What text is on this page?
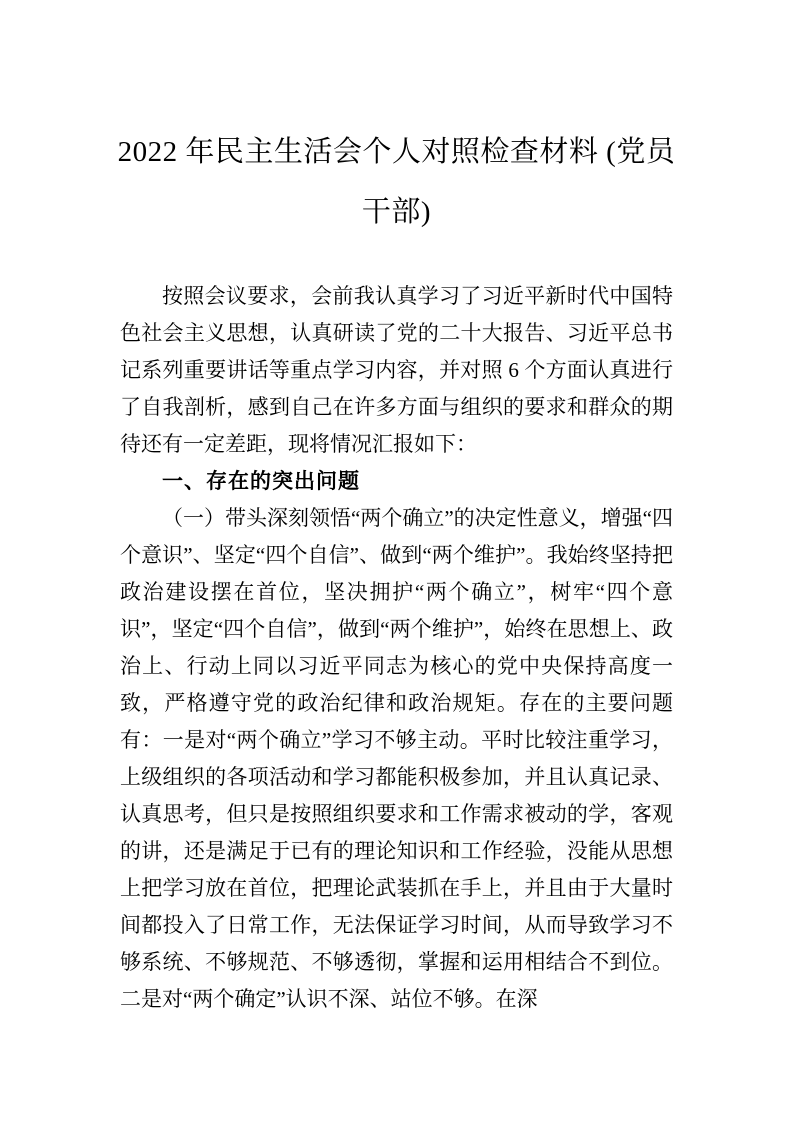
2022 年民主生活会个人对照检查材料 (党员干部)

按照会议要求，会前我认真学习了习近平新时代中国特色社会主义思想，认真研读了党的二十大报告、习近平总书记系列重要讲话等重点学习内容，并对照 6 个方面认真进行了自我剖析，感到自己在许多方面与组织的要求和群众的期待还有一定差距，现将情况汇报如下：

一、存在的突出问题

（一）带头深刻领悟“两个确立”的决定性意义，增强“四个意识”、坚定“四个自信”、做到“两个维护”。我始终坚持把政治建设摆在首位，坚决拥护“两个确立”，树牢“四个意识”，坚定“四个自信”，做到“两个维护”，始终在思想上、政治上、行动上同以习近平同志为核心的党中央保持高度一致，严格遵守党的政治纪律和政治规矩。存在的主要问题有：一是对“两个确立”学习不够主动。平时比较注重学习，上级组织的各项活动和学习都能积极参加，并且认真记录、认真思考，但只是按照组织要求和工作需求被动的学，客观的讲，还是满足于已有的理论知识和工作经验，没能从思想上把学习放在首位，把理论武装抓在手上，并且由于大量时间都投入了日常工作，无法保证学习时间，从而导致学习不够系统、不够规范、不够透彻，掌握和运用相结合不到位。二是对“两个确定”认识不深、站位不够。在深
